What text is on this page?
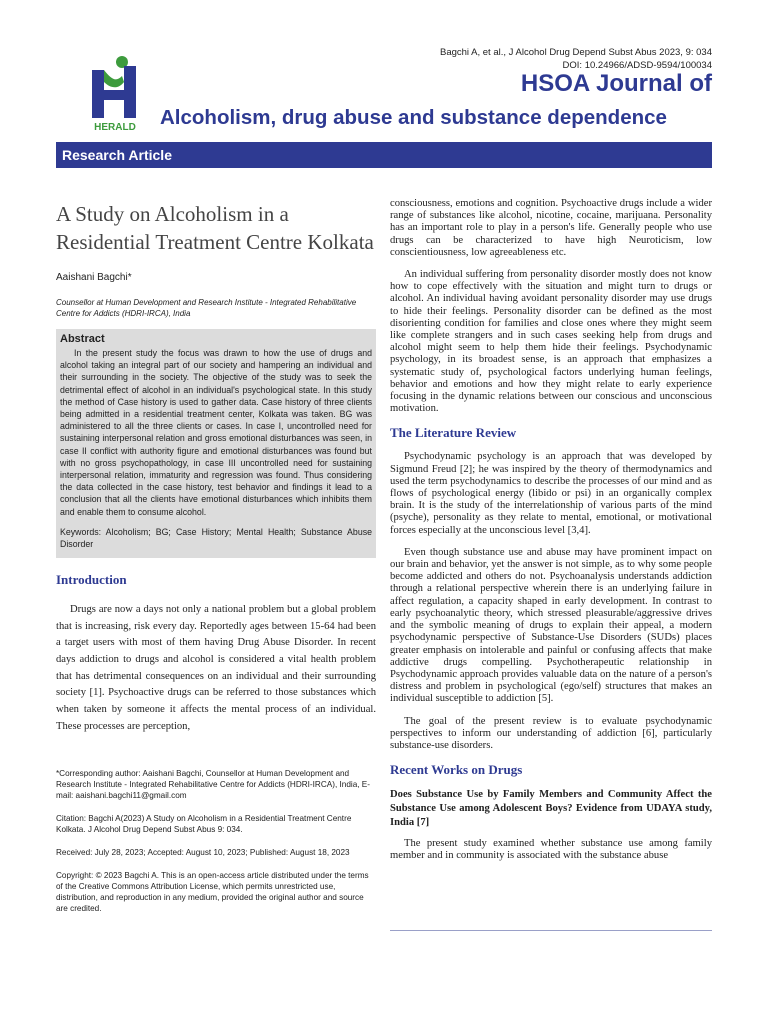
HERALD
Bagchi A, et al., J Alcohol Drug Depend Subst Abus 2023, 9: 034
DOI: 10.24966/ADSD-9594/100034
HSOA Journal of
Alcoholism, drug abuse and substance dependence
Research Article
A Study on Alcoholism in a Residential Treatment Centre Kolkata

Aaishani Bagchi*

Counsellor at Human Development and Research Institute - Integrated Rehabilitative Centre for Addicts (HDRI-IRCA), India

Abstract

In the present study the focus was drawn to how the use of drugs and alcohol taking an integral part of our society and hampering an individual and their surrounding in the society. The objective of the study was to seek the detrimental effect of alcohol in an individual's psychological state. In this study the method of Case history is used to gather data. Case history of three clients being admitted in a residential treatment center, Kolkata was taken. BG was administered to all the three clients or cases. In case I, uncontrolled need for sustaining interpersonal relation and gross emotional disturbances was seen, in case II conflict with authority figure and emotional disturbances was found but with no gross psychopathology, in case III uncontrolled need for sustaining interpersonal relation, immaturity and regression was found. Thus considering the data collected in the case history, test behavior and findings it lead to a conclusion that all the clients have emotional disturbances which inhibits them and enable them to consume alcohol.

Keywords: Alcoholism; BG; Case History; Mental Health; Substance Abuse Disorder

Introduction

Drugs are now a days not only a national problem but a global problem that is increasing, risk every day. Reportedly ages between 15-64 had been a target users with most of them having Drug Abuse Disorder. In recent days addiction to drugs and alcohol is considered a vital health problem that has detrimental consequences on an individual and their surrounding society [1]. Psychoactive drugs can be referred to those substances which when taken by someone it affects the mental process of an individual. These processes are perception,

*Corresponding author: Aaishani Bagchi, Counsellor at Human Development and Research Institute - Integrated Rehabilitative Centre for Addicts (HDRI-IRCA), India, E-mail: aaishani.bagchi11@gmail.com

Citation: Bagchi A(2023) A Study on Alcoholism in a Residential Treatment Centre Kolkata. J Alcohol Drug Depend Subst Abus 9: 034.

Received: July 28, 2023; Accepted: August 10, 2023; Published: August 18, 2023

Copyright: © 2023 Bagchi A. This is an open-access article distributed under the terms of the Creative Commons Attribution License, which permits unrestricted use, distribution, and reproduction in any medium, provided the original author and source are credited.

consciousness, emotions and cognition. Psychoactive drugs include a wider range of substances like alcohol, nicotine, cocaine, marijuana. Personality has an important role to play in a person's life. Generally people who use drugs can be characterized to have high Neuroticism, low conscientiousness, low agreeableness etc.

An individual suffering from personality disorder mostly does not know how to cope effectively with the situation and might turn to drugs or alcohol. An individual having avoidant personality disorder may use drugs to hide their feelings. Personality disorder can be defined as the most disorienting condition for families and close ones where they might seem like complete strangers and in such cases seeking help from drugs and alcohol might seem to help them hide their feelings. Psychodynamic psychology, in its broadest sense, is an approach that emphasizes a systematic study of, psychological factors underlying human feelings, behavior and emotions and how they might relate to early experience focusing in the dynamic relations between our conscious and unconscious motivation.

The Literature Review

Psychodynamic psychology is an approach that was developed by Sigmund Freud [2]; he was inspired by the theory of thermodynamics and used the term psychodynamics to describe the processes of our mind and as flows of psychological energy (libido or psi) in an organically complex brain. It is the study of the interrelationship of various parts of the mind (psyche), personality as they relate to mental, emotional, or motivational forces especially at the unconscious level [3,4].

Even though substance use and abuse may have prominent impact on our brain and behavior, yet the answer is not simple, as to why some people become addicted and others do not. Psychoanalysis understands addiction through a relational perspective wherein there is an underlying failure in affect regulation, a capacity shaped in early development. In contrast to early psychoanalytic theory, which stressed pleasurable/aggressive drives and the symbolic meaning of drugs to explain their appeal, a modern psychodynamic perspective of Substance-Use Disorders (SUDs) places greater emphasis on intolerable and painful or confusing affects that make addictive drugs compelling. Psychotherapeutic relationship in Psychodynamic approach provides valuable data on the nature of a person's distress and problem in psychological (ego/self) structures that makes an individual susceptible to addiction [5].

The goal of the present review is to evaluate psychodynamic perspectives to inform our understanding of addiction [6], particularly substance-use disorders.

Recent Works on Drugs

Does Substance Use by Family Members and Community Affect the Substance Use among Adolescent Boys? Evidence from UDAYA study, India [7]

The present study examined whether substance use among family member and in community is associated with the substance abuse
